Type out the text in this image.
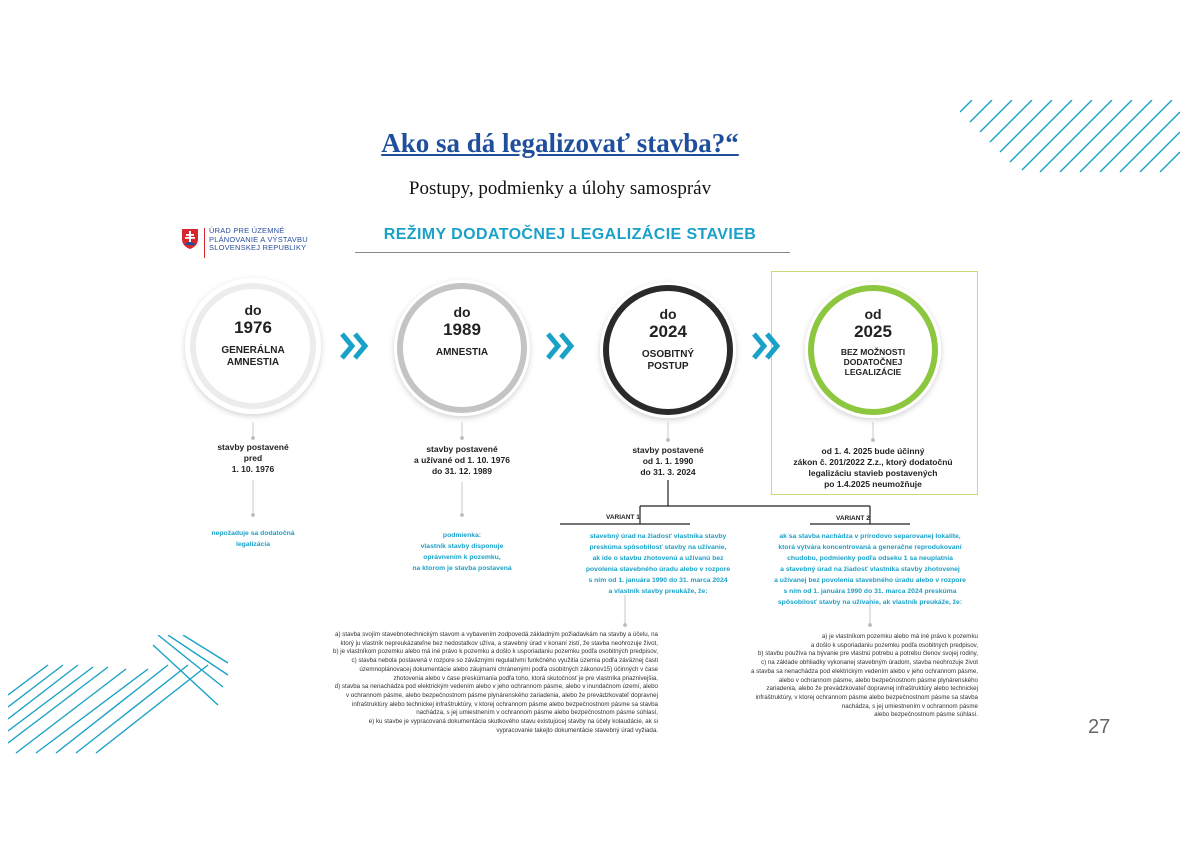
Ako sa dá legalizovať stavba?“
Postupy, podmienky a úlohy samospráv
ÚRAD PRE ÚZEMNÉ
PLÁNOVANIE A VÝSTAVBU
SLOVENSKEJ REPUBLIKY
REŽIMY DODATOČNEJ LEGALIZÁCIE STAVIEB
do
1976
GENERÁLNA
AMNESTIA
do
1989
AMNESTIA
do
2024
OSOBITNÝ
POSTUP
od
2025
BEZ MOŽNOSTI
DODATOČNEJ
LEGALIZÁCIE
stavby postavené
pred
1. 10. 1976
stavby postavené
a užívané od 1. 10. 1976
do 31. 12. 1989
stavby postavené
od 1. 1. 1990
do 31. 3. 2024
od 1. 4. 2025 bude účinný
zákon č. 201/2022 Z.z., ktorý dodatočnú
legalizáciu stavieb postavených
po 1.4.2025 neumožňuje
nepožaduje sa dodatočná
legalizácia
podmienka:
vlastník stavby disponuje
oprávnením k pozemku,
na ktorom je stavba postavená
VARIANT 1	VARIANT 2
stavebný úrad na žiadosť vlastníka stavby
preskúma spôsobilosť stavby na užívanie,
ak ide o stavbu zhotovenú a užívanú bez
povolenia stavebného úradu alebo v rozpore
s ním od 1. januára 1990 do 31. marca 2024
a vlastník stavby preukáže, že:
ak sa stavba nachádza v prírodovo separovanej lokalite,
ktorá vytvára koncentrovaná a generačne reprodukovaní
chudobu, podmienky podľa odseku 1 sa neuplatnia
a stavebný úrad na žiadosť vlastníka stavby zhotovenej
a užívanej bez povolenia stavebného úradu alebo v rozpore
s ním od 1. januára 1990 do 31. marca 2024 preskúma
spôsobilosť stavby na užívanie, ak vlastník preukáže, že:
a) stavba svojím stavebnotechnickým stavom a vybavením zodpovedá základným požiadavkám na stavby a účelu, na
ktorý ju vlastník nepreukázateľne bez nedostatkov užíva, a stavebný úrad v konaní zistí, že stavba neohrozuje život,
b) je vlastníkom pozemku alebo má iné právo k pozemku a došlo k usporiadaniu pozemku podľa osobitných predpisov,
c) stavba nebola postavená v rozpore so záväznými regulatívmi funkčného využitia územia podľa záväznej časti
územnoplánovacej dokumentácie alebo záujmami chránenými podľa osobitných zákonov15) účinných v čase
zhotovenia alebo v čase preskúmania podľa toho, ktorá skutočnosť je pre vlastníka priaznivejšia,
d) stavba sa nenachádza pod elektrickým vedením alebo v jeho ochrannom pásme, alebo v inundačnom území, alebo
v ochrannom pásme, alebo bezpečnostnom pásme plynárenského zariadenia, alebo že prevádzkovateľ dopravnej
infraštruktúry alebo technickej infraštruktúry, v ktorej ochrannom pásme alebo bezpečnostnom pásme sa stavba
nachádza, s jej umiestnením v ochrannom pásme alebo bezpečnostnom pásme súhlasí,
e) ku stavbe je vypracovaná dokumentácia skutkového stavu existujúcej stavby na účely kolaudácie, ak si
vypracovanie takejto dokumentácie stavebný úrad vyžiada.
a) je vlastníkom pozemku alebo má iné právo k pozemku
a došlo k usporiadaniu pozemku podľa osobitných predpisov,
b) stavbu používa na bývanie pre vlastnú potrebu a potrebu členov svojej rodiny,
c) na základe obhliadky vykonanej stavebným úradom, stavba neohrozuje život
a stavba sa nenachádza pod elektrickým vedením alebo v jeho ochrannom pásme,
alebo v ochrannom pásme, alebo bezpečnostnom pásme plynárenského
zariadenia, alebo že prevádzkovateľ dopravnej infraštruktúry alebo technickej
infraštruktúry, v ktorej ochrannom pásme alebo bezpečnostnom pásme sa stavba
nachádza, s jej umiestnením v ochrannom pásme
alebo bezpečnostnom pásme súhlasí.
27
